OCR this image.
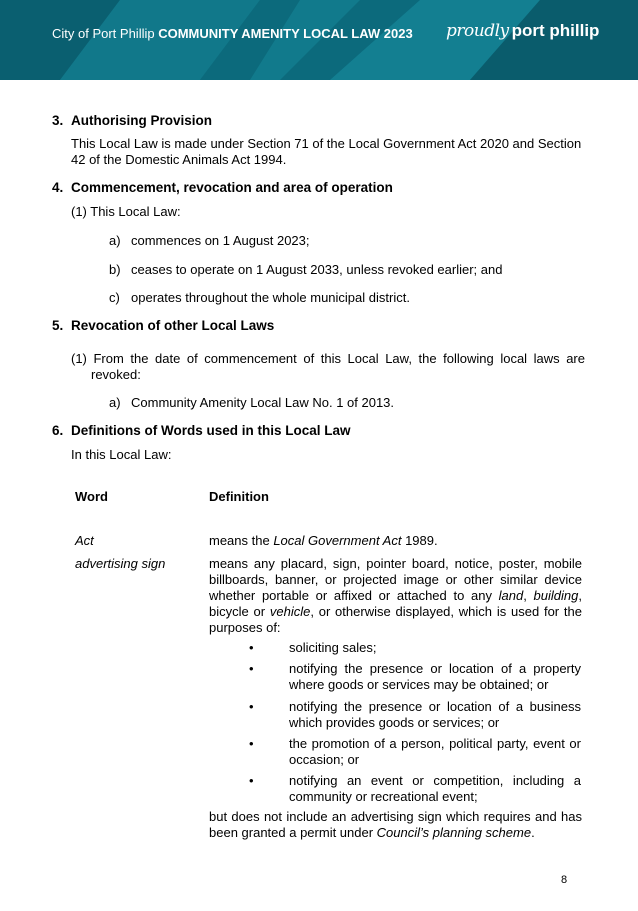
City of Port Phillip COMMUNITY AMENITY LOCAL LAW 2023 proudly port phillip
3. Authorising Provision
This Local Law is made under Section 71 of the Local Government Act 2020 and Section 42 of the Domestic Animals Act 1994.
4. Commencement, revocation and area of operation
(1) This Local Law:
a) commences on 1 August 2023;
b) ceases to operate on 1 August 2033, unless revoked earlier; and
c) operates throughout the whole municipal district.
5. Revocation of other Local Laws
(1) From the date of commencement of this Local Law, the following local laws are revoked:
a) Community Amenity Local Law No. 1 of 2013.
6. Definitions of Words used in this Local Law
In this Local Law:
Word	Definition
Act	means the Local Government Act 1989.
advertising sign	means any placard, sign, pointer board, notice, poster, mobile billboards, banner, or projected image or other similar device whether portable or affixed or attached to any land, building, bicycle or vehicle, or otherwise displayed, which is used for the purposes of:
•	soliciting sales;
•	notifying the presence or location of a property where goods or services may be obtained; or
•	notifying the presence or location of a business which provides goods or services; or
•	the promotion of a person, political party, event or occasion; or
•	notifying an event or competition, including a community or recreational event;
but does not include an advertising sign which requires and has been granted a permit under Council’s planning scheme.
8
